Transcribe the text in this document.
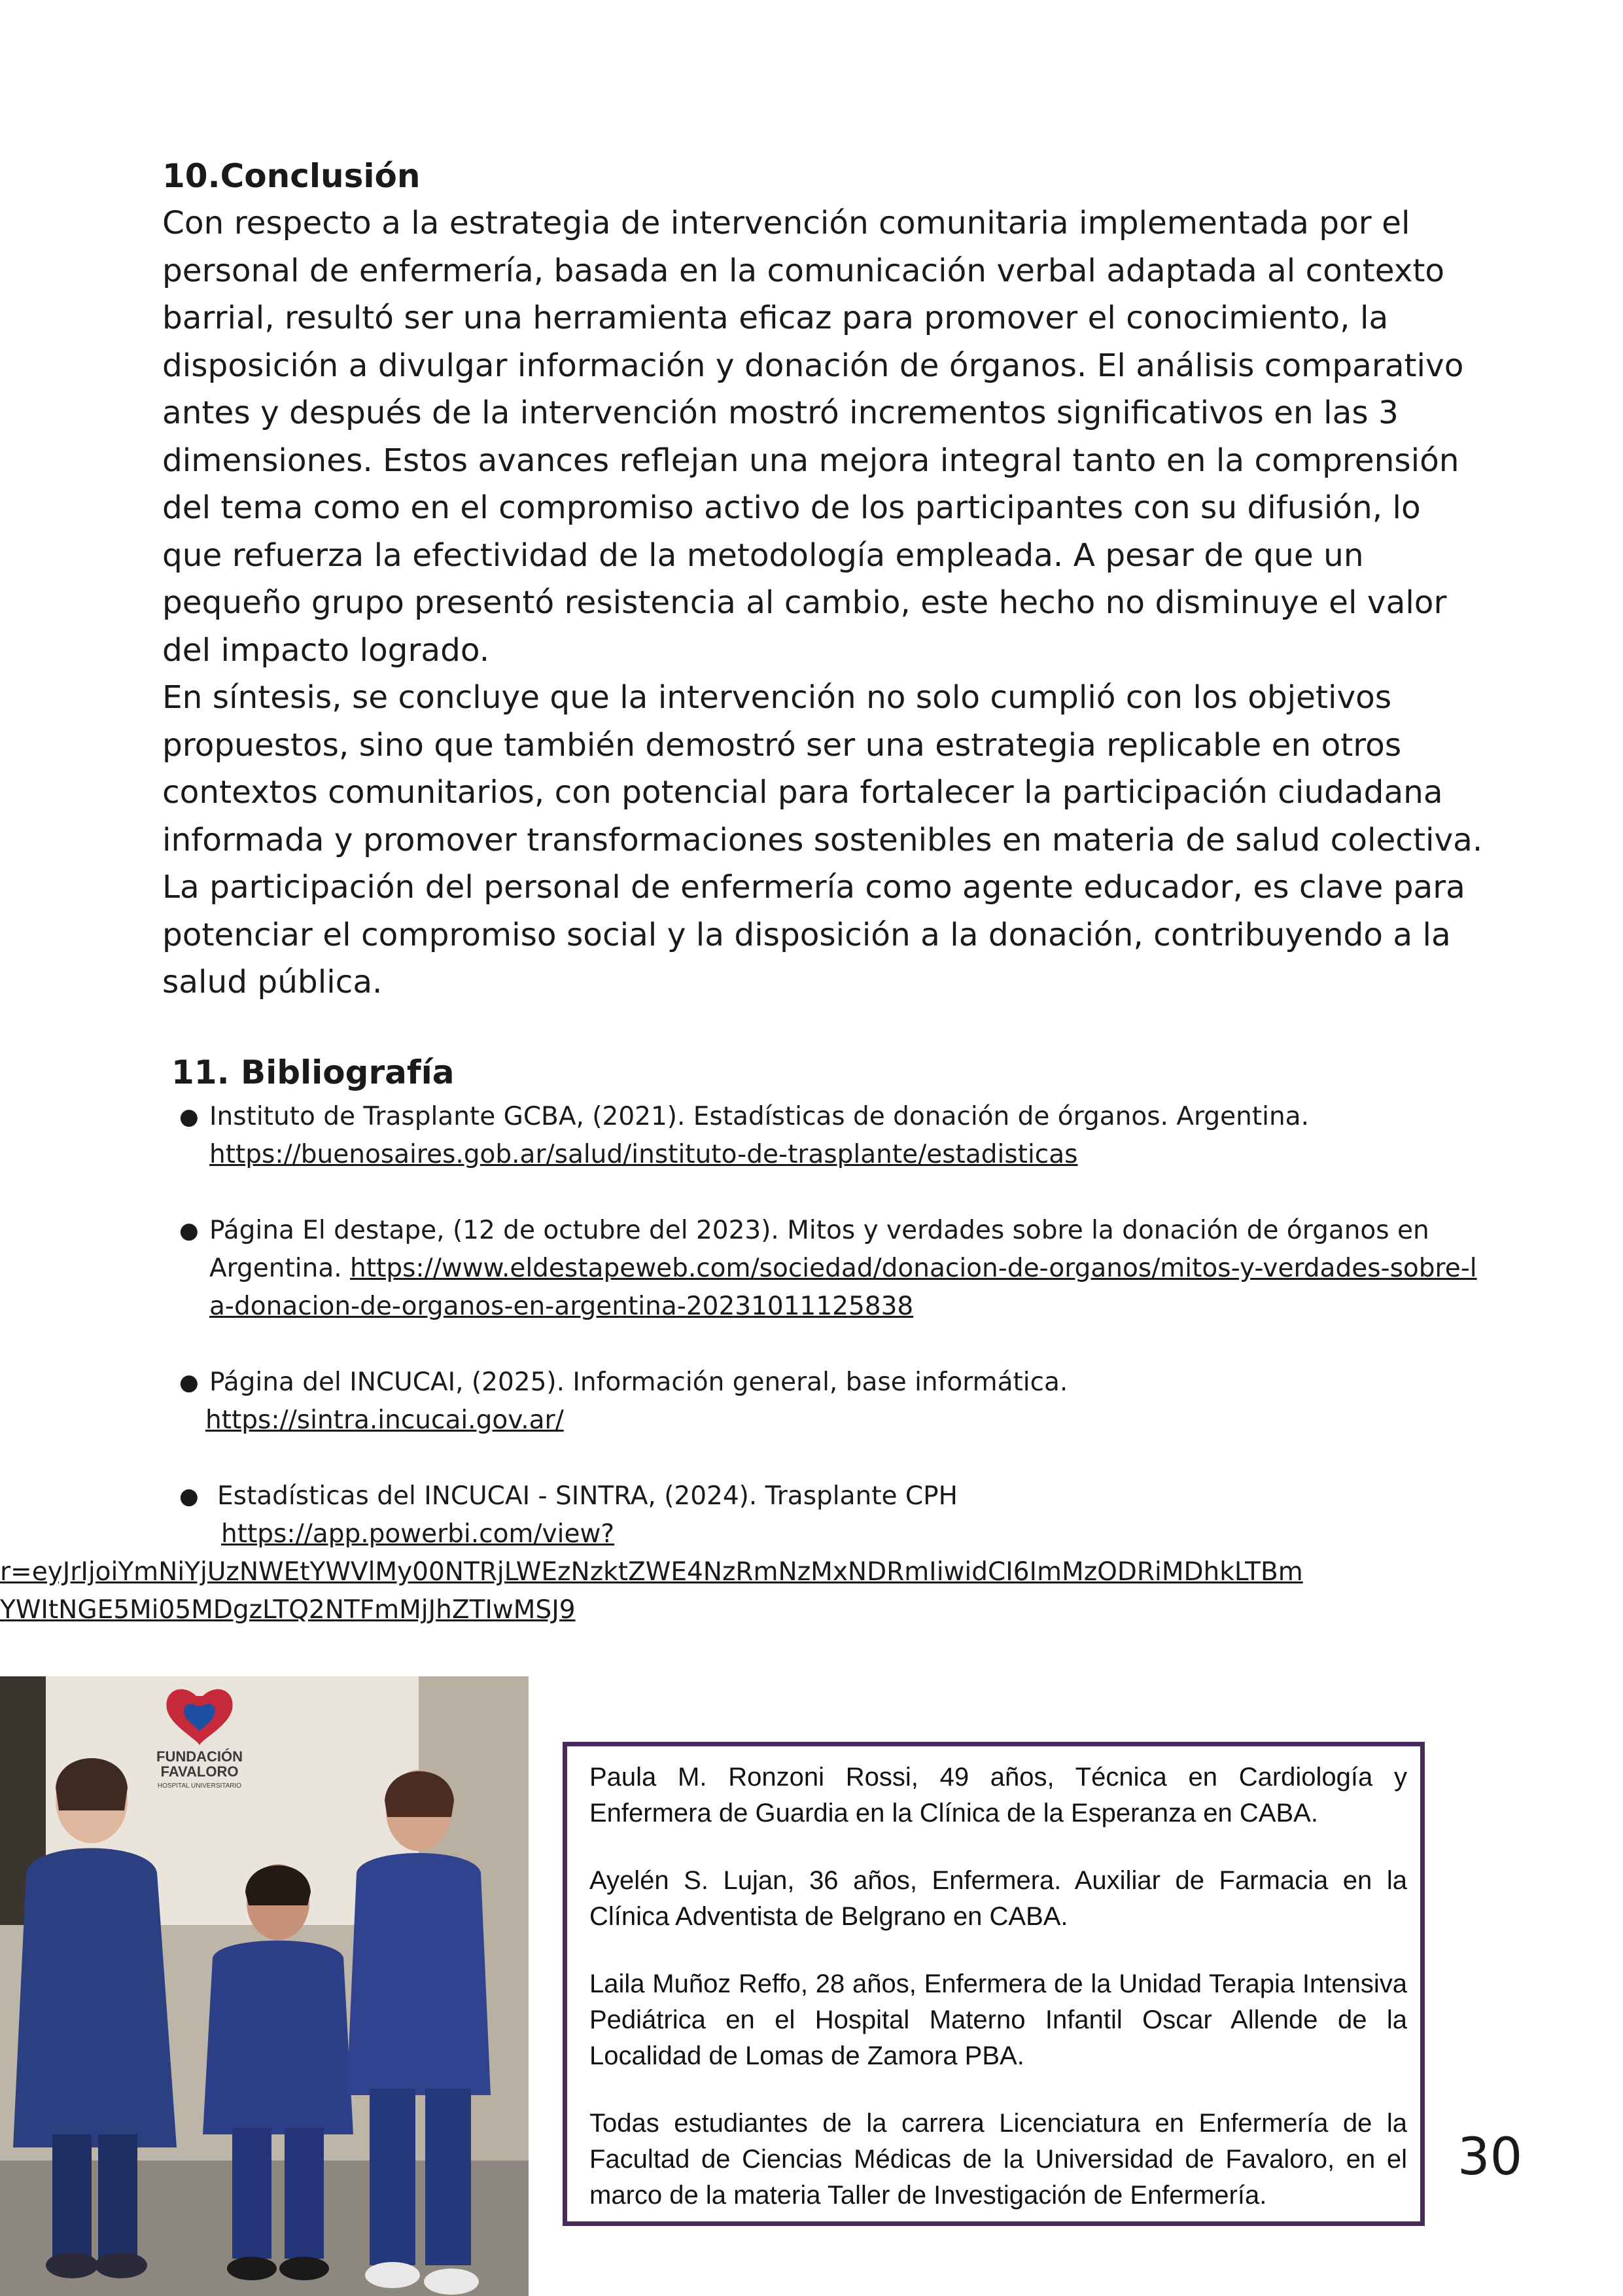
10.Conclusión

Con respecto a la estrategia de intervención comunitaria implementada por el personal de enfermería, basada en la comunicación verbal adaptada al contexto barrial, resultó ser una herramienta eficaz para promover el conocimiento, la disposición a divulgar información y donación de órganos. El análisis comparativo antes y después de la intervención mostró incrementos significativos en las 3 dimensiones. Estos avances reflejan una mejora integral tanto en la comprensión del tema como en el compromiso activo de los participantes con su difusión, lo que refuerza la efectividad de la metodología empleada. A pesar de que un pequeño grupo presentó resistencia al cambio, este hecho no disminuye el valor del impacto logrado.

En síntesis, se concluye que la intervención no solo cumplió con los objetivos propuestos, sino que también demostró ser una estrategia replicable en otros contextos comunitarios, con potencial para fortalecer la participación ciudadana informada y promover transformaciones sostenibles en materia de salud colectiva. La participación del personal de enfermería como agente educador, es clave para potenciar el compromiso social y la disposición a la donación, contribuyendo a la salud pública.

11. Bibliografía
● Instituto de Trasplante GCBA, (2021). Estadísticas de donación de órganos. Argentina.
https://buenosaires.gob.ar/salud/instituto-de-trasplante/estadisticas
● Página El destape, (12 de octubre del 2023). Mitos y verdades sobre la donación de órganos en Argentina. https://www.eldestapeweb.com/sociedad/donacion-de-organos/mitos-y-verdades-sobre-la-donacion-de-organos-en-argentina-20231011125838
● Página del INCUCAI, (2025). Información general, base informática.
https://sintra.incucai.gov.ar/
● Estadísticas del INCUCAI - SINTRA, (2024). Trasplante CPH
https://app.powerbi.com/view?
r=eyJrIjoiYmNiYjUzNWEtYWVlMy00NTRjLWEzNzktZWE4NzRmNzMxNDRmIiwidCI6ImMzODRiMDhkLTBmYWItNGE5Mi05MDgzLTQ2NTFmMjJhZTIwMSJ9
FUNDACIÓN
FAVALORO
HOSPITAL UNIVERSITARIO	Paula M. Ronzoni Rossi, 49 años, Técnica en Cardiología y Enfermera de Guardia en la Clínica de la Esperanza en CABA.

Ayelén S. Lujan, 36 años, Enfermera. Auxiliar de Farmacia en la Clínica Adventista de Belgrano en CABA.

Laila Muñoz Reffo, 28 años, Enfermera de la Unidad Terapia Intensiva Pediátrica en el Hospital Materno Infantil Oscar Allende de la Localidad de Lomas de Zamora PBA.

Todas estudiantes de la carrera Licenciatura en Enfermería de la Facultad de Ciencias Médicas de la Universidad de Favaloro, en el marco de la materia Taller de Investigación de Enfermería.

30
